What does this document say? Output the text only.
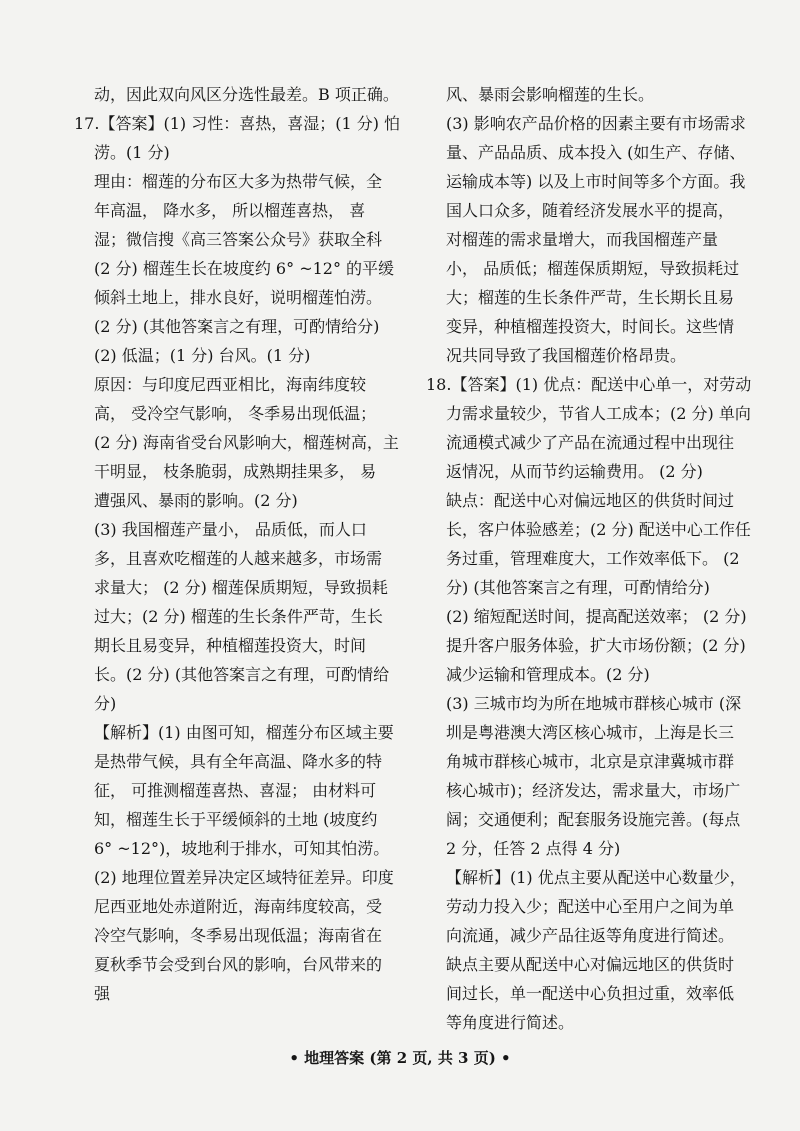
动，因此双向风区分选性最差。B 项正确。
17.【答案】(1) 习性：喜热，喜湿；(1 分) 怕
涝。(1 分)
理由：榴莲的分布区大多为热带气候，全
年高温， 降水多， 所以榴莲喜热， 喜
湿；微信搜《高三答案公众号》获取全科
(2 分) 榴莲生长在坡度约 6° ~12° 的平缓
倾斜土地上，排水良好，说明榴莲怕涝。
(2 分) (其他答案言之有理，可酌情给分)
(2) 低温；(1 分) 台风。(1 分)
原因：与印度尼西亚相比，海南纬度较
高， 受冷空气影响， 冬季易出现低温；
(2 分) 海南省受台风影响大，榴莲树高，主
干明显， 枝条脆弱，成熟期挂果多， 易
遭强风、暴雨的影响。(2 分)
(3) 我国榴莲产量小， 品质低，而人口
多，且喜欢吃榴莲的人越来越多，市场需
求量大； (2 分) 榴莲保质期短，导致损耗
过大；(2 分) 榴莲的生长条件严苛，生长
期长且易变异，种植榴莲投资大，时间
长。(2 分) (其他答案言之有理，可酌情给
分)
【解析】(1) 由图可知，榴莲分布区域主要
是热带气候，具有全年高温、降水多的特
征， 可推测榴莲喜热、喜湿； 由材料可
知，榴莲生长于平缓倾斜的土地 (坡度约
6° ~12°)，坡地利于排水，可知其怕涝。
(2) 地理位置差异决定区域特征差异。印度
尼西亚地处赤道附近，海南纬度较高，受
冷空气影响，冬季易出现低温；海南省在
夏秋季节会受到台风的影响，台风带来的
强
风、暴雨会影响榴莲的生长。
(3) 影响农产品价格的因素主要有市场需求
量、产品品质、成本投入 (如生产、存储、
运输成本等) 以及上市时间等多个方面。我
国人口众多，随着经济发展水平的提高，
对榴莲的需求量增大，而我国榴莲产量
小， 品质低；榴莲保质期短，导致损耗过
大；榴莲的生长条件严苛，生长期长且易
变异，种植榴莲投资大，时间长。这些情
况共同导致了我国榴莲价格昂贵。
18.【答案】(1) 优点：配送中心单一，对劳动
力需求量较少，节省人工成本；(2 分) 单向
流通模式减少了产品在流通过程中出现往
返情况，从而节约运输费用。 (2 分)
缺点：配送中心对偏远地区的供货时间过
长，客户体验感差；(2 分) 配送中心工作任
务过重，管理难度大，工作效率低下。 (2
分) (其他答案言之有理，可酌情给分)
(2) 缩短配送时间，提高配送效率； (2 分)
提升客户服务体验，扩大市场份额；(2 分)
减少运输和管理成本。(2 分)
(3) 三城市均为所在地城市群核心城市 (深
圳是粤港澳大湾区核心城市，上海是长三
角城市群核心城市，北京是京津冀城市群
核心城市)；经济发达，需求量大，市场广
阔；交通便利；配套服务设施完善。(每点
2 分，任答 2 点得 4 分)
【解析】(1) 优点主要从配送中心数量少，
劳动力投入少；配送中心至用户之间为单
向流通，减少产品往返等角度进行简述。
缺点主要从配送中心对偏远地区的供货时
间过长，单一配送中心负担过重，效率低
等角度进行简述。
• 地理答案 (第 2 页, 共 3 页) •
